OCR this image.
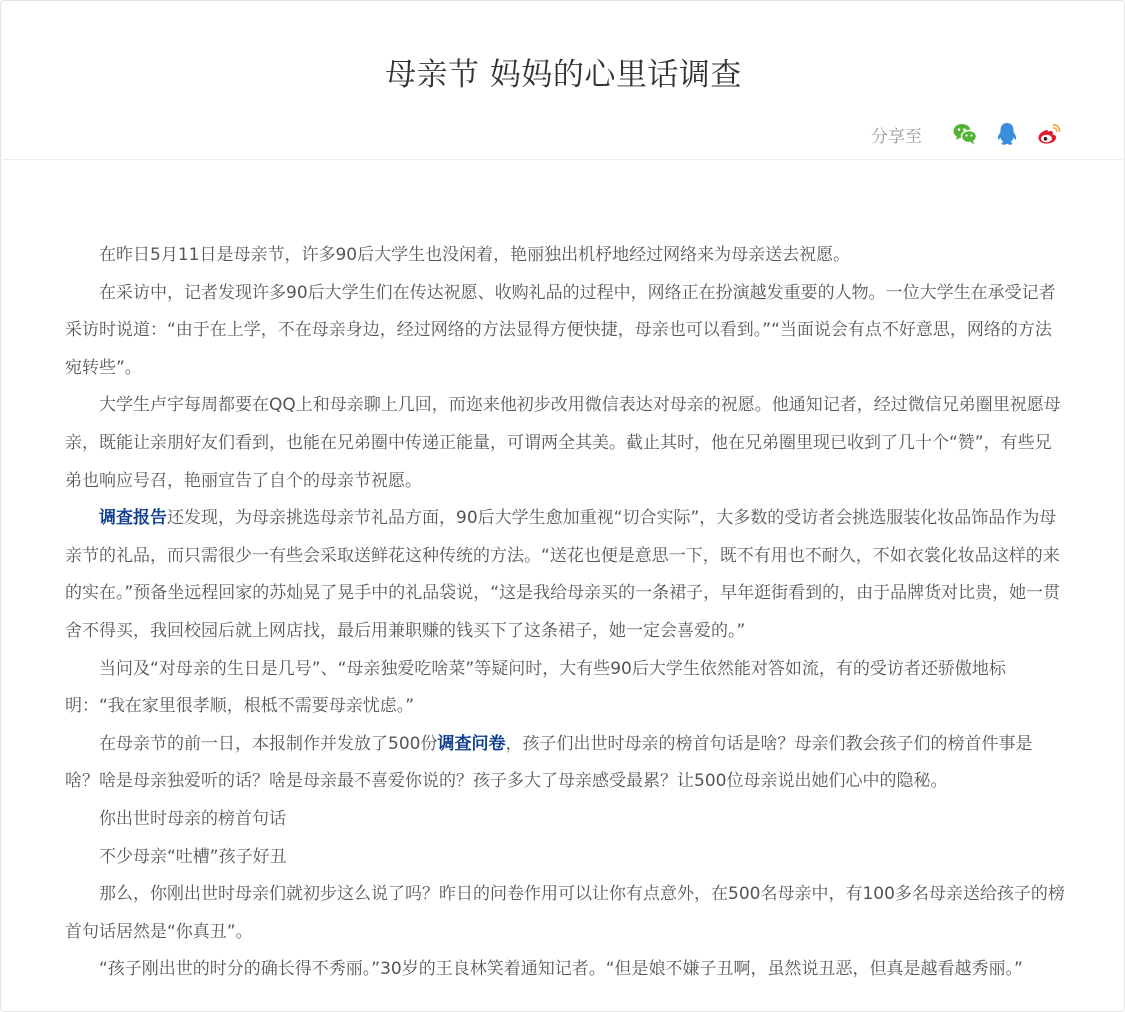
母亲节 妈妈的心里话调查
分享至

在昨日5月11日是母亲节，许多90后大学生也没闲着，艳丽独出机杼地经过网络来为母亲送去祝愿。

在采访中，记者发现许多90后大学生们在传达祝愿、收购礼品的过程中，网络正在扮演越发重要的人物。一位大学生在承受记者采访时说道：“由于在上学，不在母亲身边，经过网络的方法显得方便快捷，母亲也可以看到。”“当面说会有点不好意思，网络的方法宛转些”。

大学生卢宇每周都要在QQ上和母亲聊上几回，而迩来他初步改用微信表达对母亲的祝愿。他通知记者，经过微信兄弟圈里祝愿母亲，既能让亲朋好友们看到，也能在兄弟圈中传递正能量，可谓两全其美。截止其时，他在兄弟圈里现已收到了几十个“赞”，有些兄弟也响应号召，艳丽宣告了自个的母亲节祝愿。

调查报告还发现，为母亲挑选母亲节礼品方面，90后大学生愈加重视“切合实际”，大多数的受访者会挑选服装化妆品饰品作为母亲节的礼品，而只需很少一有些会采取送鲜花这种传统的方法。“送花也便是意思一下，既不有用也不耐久，不如衣裳化妆品这样的来的实在。”预备坐远程回家的苏灿晃了晃手中的礼品袋说，“这是我给母亲买的一条裙子，早年逛街看到的，由于品牌货对比贵，她一贯舍不得买，我回校园后就上网店找，最后用兼职赚的钱买下了这条裙子，她一定会喜爱的。”

当问及“对母亲的生日是几号”、“母亲独爱吃啥菜”等疑问时，大有些90后大学生依然能对答如流，有的受访者还骄傲地标明：“我在家里很孝顺，根柢不需要母亲忧虑。”

在母亲节的前一日，本报制作并发放了500份调查问卷，孩子们出世时母亲的榜首句话是啥？母亲们教会孩子们的榜首件事是啥？啥是母亲独爱听的话？啥是母亲最不喜爱你说的？孩子多大了母亲感受最累？让500位母亲说出她们心中的隐秘。

你出世时母亲的榜首句话

不少母亲“吐槽”孩子好丑

那么，你刚出世时母亲们就初步这么说了吗？昨日的问卷作用可以让你有点意外，在500名母亲中，有100多名母亲送给孩子的榜首句话居然是“你真丑”。

“孩子刚出世的时分的确长得不秀丽。”30岁的王良林笑着通知记者。“但是娘不嫌子丑啊，虽然说丑恶，但真是越看越秀丽。”
